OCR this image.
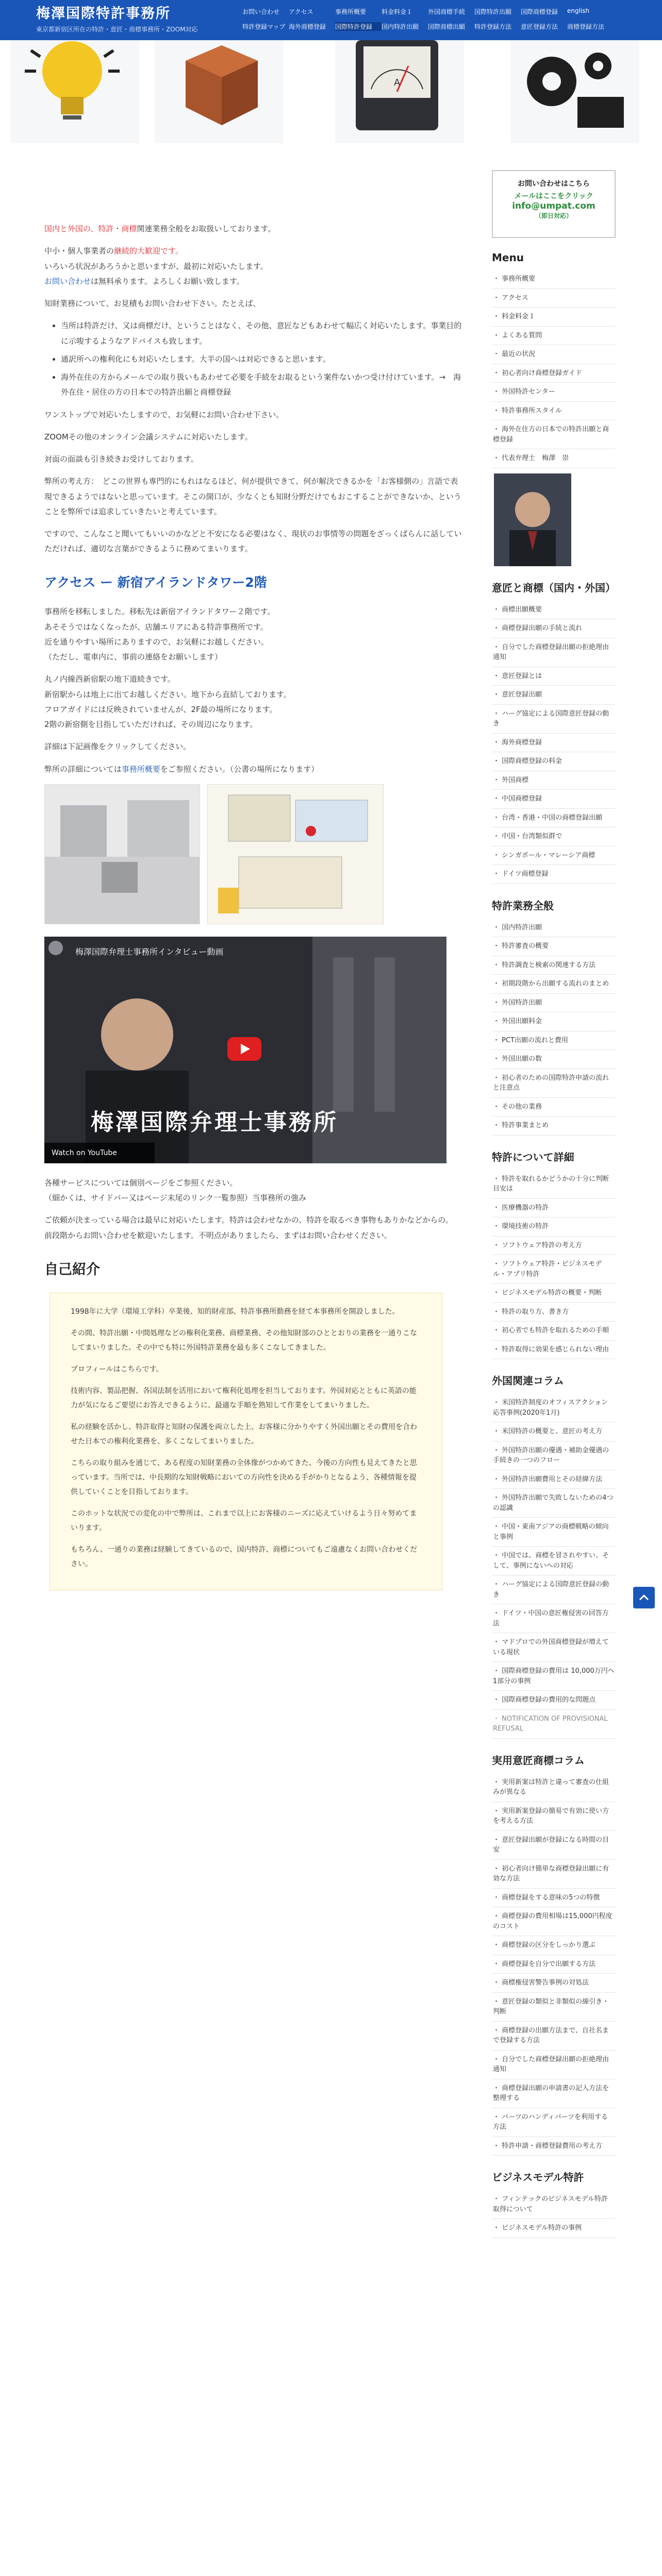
梅澤国際特許事務所
東京都新宿区所在の特許・意匠・商標事務所・ZOOM対応
お問い合わせ	アクセス	事務所概要	料金料金１	外国商標手続	国際特許出願	国際商標登録	english
特許登録マップ 海外商標登録	国際特許登録	国内特許出願	国際商標出願	特許登録方法	意匠登録方法	商標登録方法
A

国内と外国の、特許・商標関連業務全般をお取扱いしております。

中小・個人事業者の継続的大歓迎です。
いろいろ状況があろうかと思いますが、最初に対応いたします。
お問い合わせは無料承ります。よろしくお願い致します。

知財業務について、お見積もお問い合わせ下さい。たとえば、

• 当所は特許だけ、又は商標だけ、ということはなく、その他、意匠などもあわせて幅広く対応いたします。事業目的に示唆するようなアドバイスも致します。
• 通訳所への権利化にも対応いたします。大半の国へは対応できると思います。
• 海外在住の方からメールでの取り扱いもあわせて必要を手続をお取るという案件ないかつ受け付けています。→　海外在住・居住の方の日本での特許出願と商標登録

ワンストップで対応いたしますので、お気軽にお問い合わせ下さい。

ZOOMその他のオンライン会議システムに対応いたします。

対面の面談も引き続きお受けしております。

弊所の考え方：　どこの世界も専門的にもれはなるほど、何が提供できて、何が解決できるかを「お客様側の」言語で表現できるようではないと思っています。そこの開口が、少なくとも知財分野だけでもおこすることができないか、ということを弊所では追求していきたいと考えています。

ですので、こんなこと聞いてもいいのかなどと不安になる必要はなく、現状のお事情等の問題をざっくばらんに話していただければ、適切な言葉ができるように務めてまいります。

アクセス ー 新宿アイランドタワー2階

事務所を移転しました。移転先は新宿アイランドタワー２階です。
あそそうではなくなったが、店舗エリアにある特許事務所です。
近を通りやすい場所にありますので、お気軽にお越しください。
（ただし、電車内に、事前の連絡をお願いします）

丸ノ内線西新宿駅の地下道続きです。
新宿駅からは地上に出てお越しください。地下から直結しております。
フロアガイドには反映されていませんが、2F最の場所になります。
2階の新宿側を目指していただければ、その周辺になります。

詳細は下記画像をクリックしてください。

弊所の詳細については事務所概要をご参照ください。（公書の場所になります）

梅澤国際弁理士事務所インタビュー動画
梅澤国際弁理士事務所
Watch on YouTube

各種サービスについては個別ページをご参照ください。
（細かくは、サイドバー又はページ末尾のリンク一覧参照）当事務所の強み

ご依頼が決まっている場合は最早に対応いたします。特許は会わせなかの、特許を取るべき事物もありかなどからの。
前段階からお問い合わせを歓迎いたします。不明点がありましたら、まずはお問い合わせください。

自己紹介

1998年に大学（環境工学科）卒業後、知的財産部、特許事務所勤務を経て本事務所を開設しました。

その間、特許出願・中間処理などの権利化業務、商標業務、その他知財部のひととおりの業務を一通りこなしてまいりました。その中でも特に外国特許業務を最も多くこなしてきました。

プロフィールはこちらです。

技術内容、製品把握、各国法制を活用において権利化処理を担当しております。外国対応とともに英語の能力が気になるご要望にお答えできるように、最適な手順を熟知して作業をしてまいりました。

私の経験を活かし、特許取得と知財の保護を両立した上、お客様に分かりやすく外国出願とその費用を合わせた日本での権利化業務を、多くこなしてまいりました。

こちらの取り組みを通じて、ある程度の知財業務の全体像がつかめてきた、今後の方向性も見えてきたと思っています。当所では、中長期的な知財戦略においての方向性を決める手がかりとなるよう、各種情報を提供していくことを目指しております。

このホットな状況での変化の中で弊所は、これまで以上にお客様のニーズに応えていけるよう日々努めてまいります。

もちろん、一通りの業務は経験してきているので、国内特許、商標についてもご遠慮なくお問い合わせください。

お問い合わせはこちら
メールはここをクリック
info@umpat.com
（即日対応）
Menu
・ 事務所概要
・ アクセス
・ 料金料金１
・ よくある質問
・ 最近の状況
・ 初心者向け商標登録ガイド
・ 外国特許センター
・ 特許事務所スタイル
・ 海外在住方の日本での特許出願と商標登録
・ 代表弁理士　梅澤　崇
意匠と商標（国内・外国）
・ 商標出願概要
・ 商標登録出願の手続と流れ
・ 自分でした商標登録出願の拒絶理由通知
・ 意匠登録とは
・ 意匠登録出願
・ ハーグ協定による国際意匠登録の動き
・ 海外商標登録
・ 国際商標登録の料金
・ 外国商標
・ 中国商標登録
・ 台湾・香港・中国の商標登録出願
・ 中国・台湾類似群で
・ シンガポール・マレーシア商標
・ ドイツ商標登録
特許業務全般
・ 国内特許出願
・ 特許審査の概要
・ 特許調査と検索の関連する方法
・ 初期段階から出願する流れのまとめ
・ 外国特許出願
・ 外国出願料金
・ PCT出願の流れと費用
・ 外国出願の数
・ 初心者のための国際特許申請の流れと注意点
・ その他の業務
・ 特許事業まとめ
特許について詳細
・ 特許を取れるかどうかの十分に判断目安は
・ 医療機器の特許
・ 環境技術の特許
・ ソフトウェア特許の考え方
・ ソフトウェア特許・ビジネスモデル・アプリ特許
・ ビジネスモデル特許の概要・判断
・ 特許の取り方、書き方
・ 初心者でも特許を取れるための手順
・ 特許取得に効果を感じられない理由
外国関連コラム
・ 米国特許制度のオフィスアクション応答事例(2020年1月)
・ 米国特許の概要と、意匠の考え方
・ 外国特許出願の優遇・補助金優遇の手続きの一つのフロー
・ 外国特許出願費用とその経緯方法
・ 外国特許出願で失敗しないための4つの認識
・ 中国・東南アジアの商標戦略の傾向と事例
・ 中国では、商標を冒されやすい、そして、事例にないへの対応
・ ハーグ協定による国際意匠登録の動き
・ ドイツ・中国の意匠権侵害の回答方法
・ マドプロでの外国商標登録が増えている現状
・ 国際商標登録の費用は 10,000万円へ1部分の事例
・ 国際商標登録の費用的な問題点
・ NOTIFICATION OF PROVISIONAL REFUSAL
実用意匠商標コラム
・ 実用新案は特許と違って審査の仕組みが異なる
・ 実用新案登録の簡易で有効に使い方を考える方法
・ 意匠登録出願が登録になる時間の目安
・ 初心者向け簡単な商標登録出願に有効な方法
・ 商標登録をする意味の5つの特徴
・ 商標登録の費用相場は15,000円程度のコスト
・ 商標登録の区分をしっかり選ぶ
・ 商標登録を自分で出願する方法
・ 商標権侵害警告事例の対処法
・ 意匠登録の類似と非類似の線引き・判断
・ 商標登録の出願方法まで、自社名まで登録する方法
・ 自分でした商標登録出願の拒絶理由通知
・ 商標登録出願の申請書の記入方法を整理する
・ パーツのハンディパーツを利用する方法
・ 特許申請・商標登録費用の考え方
ビジネスモデル特許
・ フィンテックのビジネスモデル特許取得について
・ ビジネスモデル特許の事例
